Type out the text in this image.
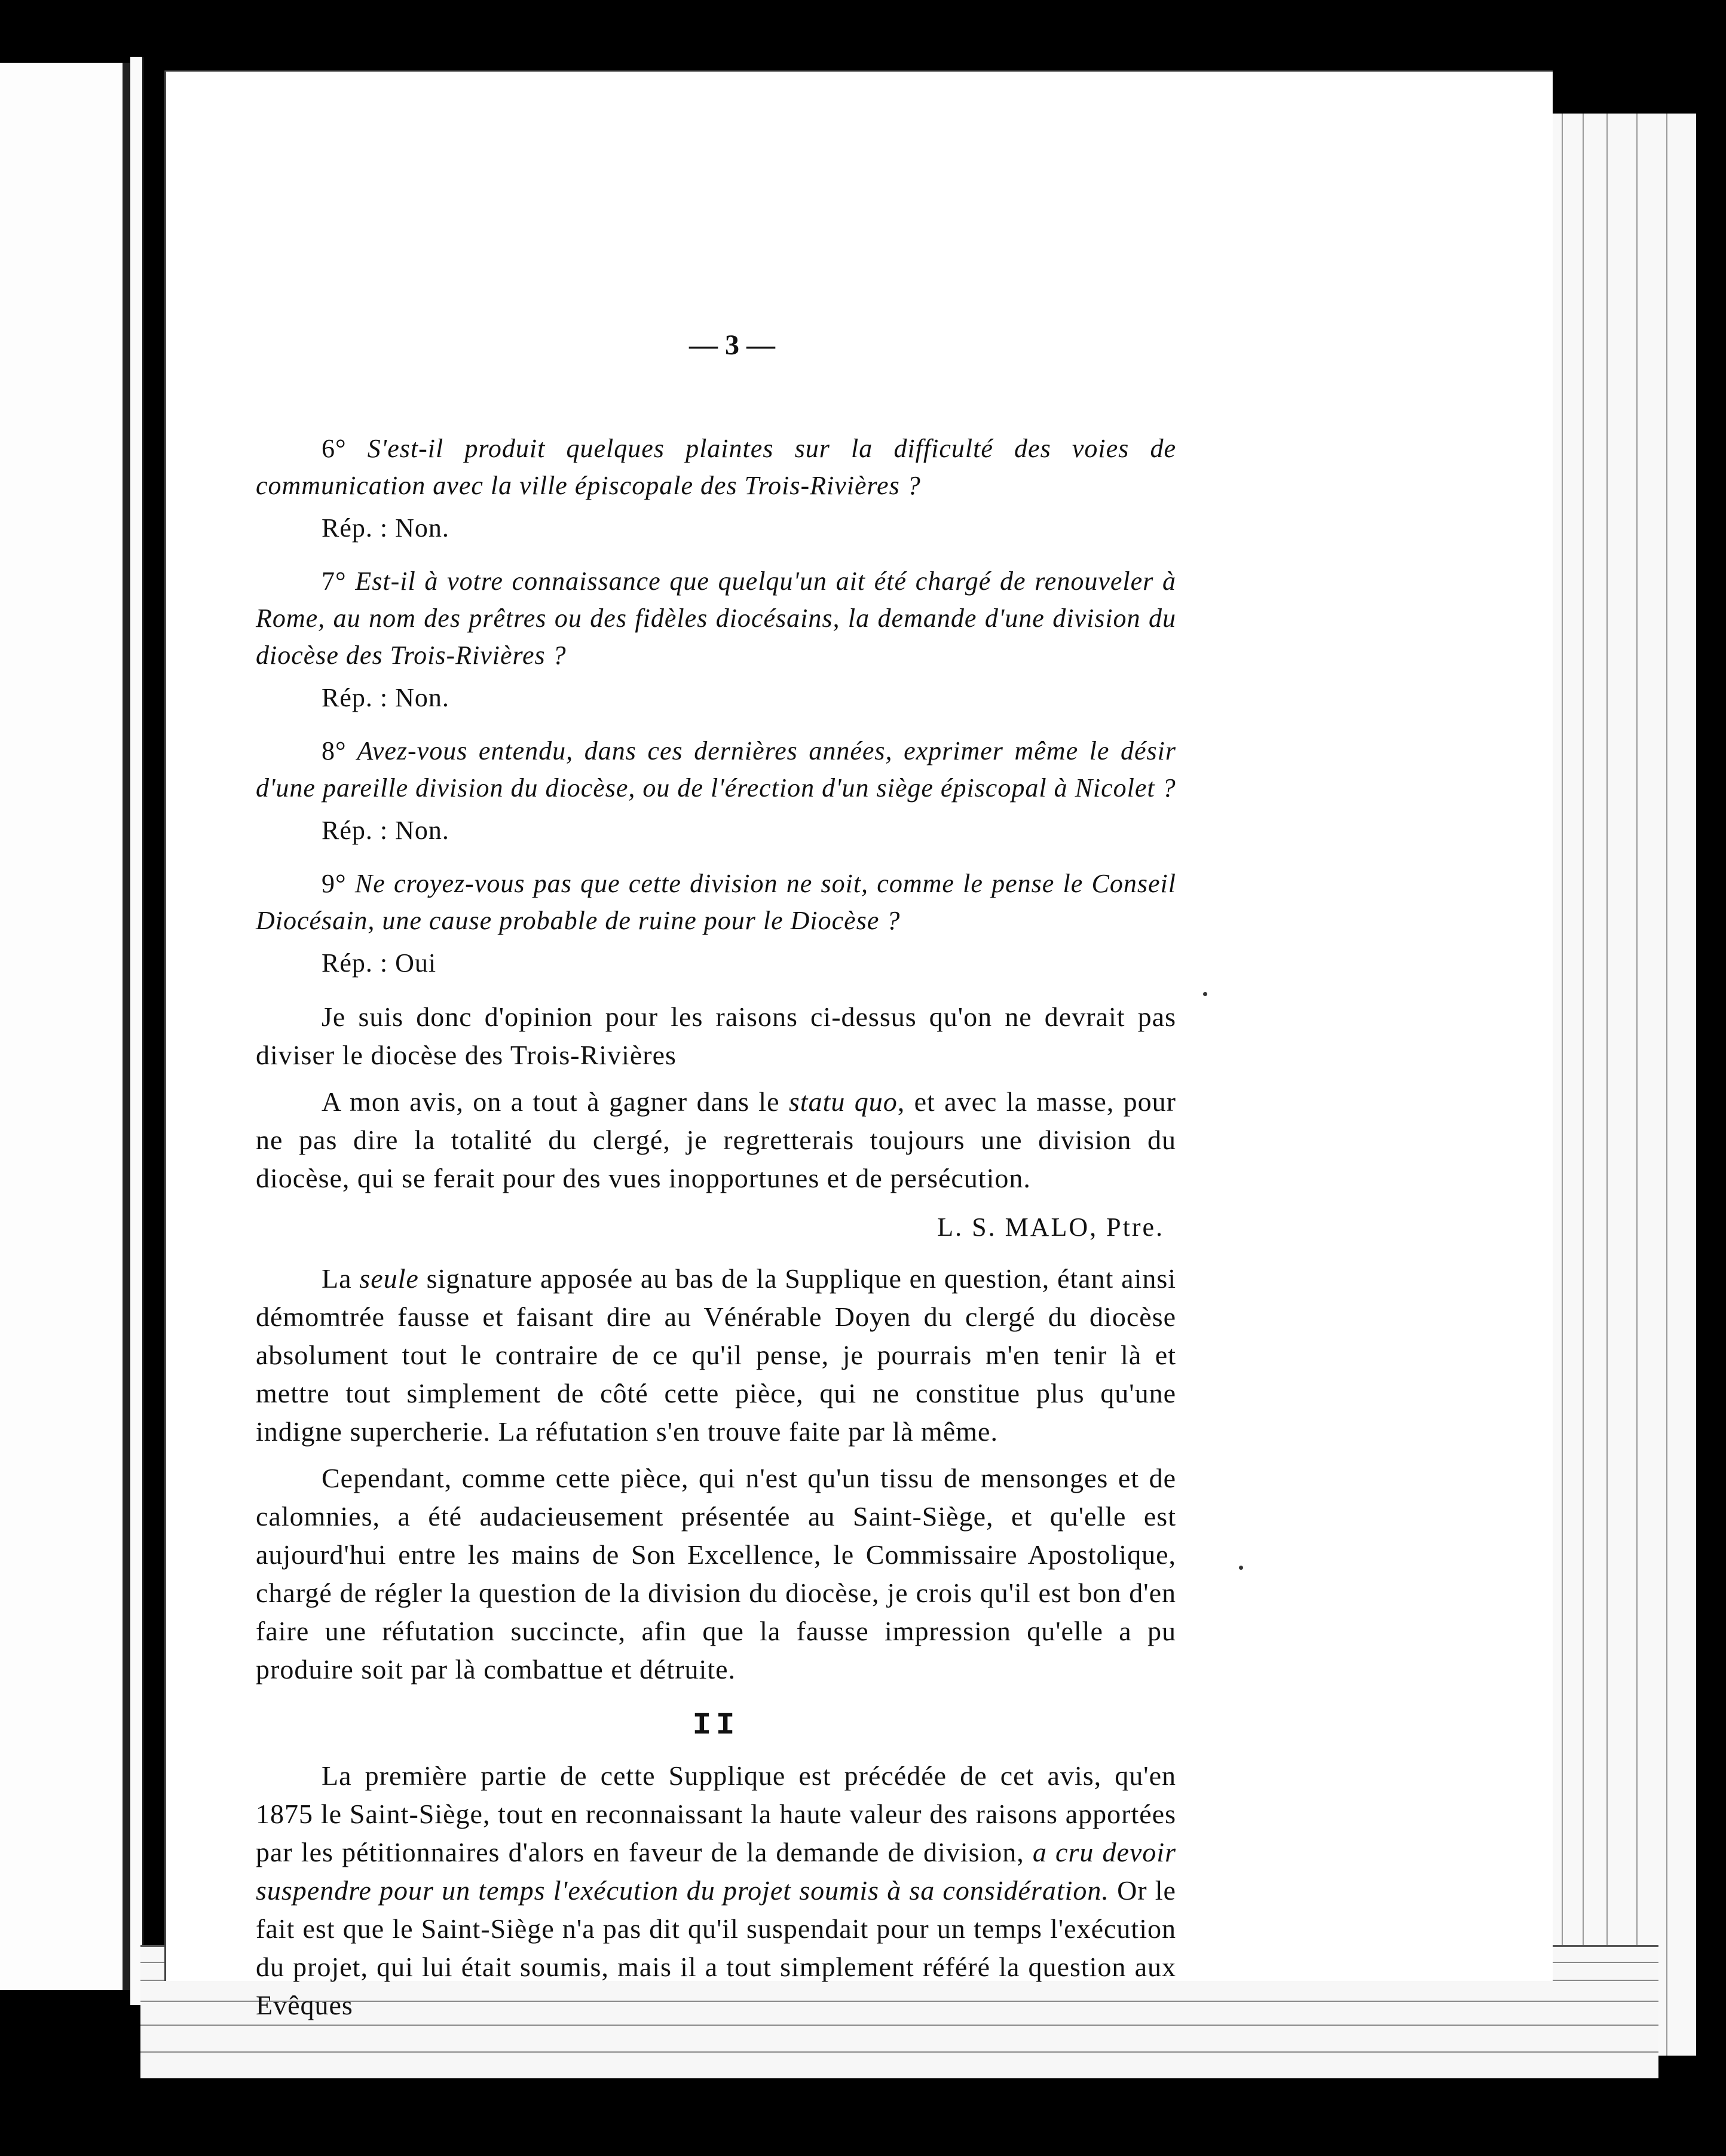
— 3 —

6° S'est-il produit quelques plaintes sur la difficulté des voies de communication avec la ville épiscopale des Trois-Rivières ?

Rép. : Non.

7° Est-il à votre connaissance que quelqu'un ait été chargé de renouveler à Rome, au nom des prêtres ou des fidèles diocésains, la demande d'une division du diocèse des Trois-Rivières ?

Rép. : Non.

8° Avez-vous entendu, dans ces dernières années, exprimer même le désir d'une pareille division du diocèse, ou de l'érection d'un siège épiscopal à Nicolet ?

Rép. : Non.

9° Ne croyez-vous pas que cette division ne soit, comme le pense le Conseil Diocésain, une cause probable de ruine pour le Diocèse ?

Rép. : Oui

Je suis donc d'opinion pour les raisons ci-dessus qu'on ne devrait pas diviser le diocèse des Trois-Rivières

A mon avis, on a tout à gagner dans le statu quo, et avec la masse, pour ne pas dire la totalité du clergé, je regretterais toujours une division du diocèse, qui se ferait pour des vues inopportunes et de persécution.

L. S. MALO, Ptre.

La seule signature apposée au bas de la Supplique en question, étant ainsi démomtrée fausse et faisant dire au Vénérable Doyen du clergé du diocèse absolument tout le contraire de ce qu'il pense, je pourrais m'en tenir là et mettre tout simplement de côté cette pièce, qui ne constitue plus qu'une indigne supercherie. La réfutation s'en trouve faite par là même.

Cependant, comme cette pièce, qui n'est qu'un tissu de mensonges et de calomnies, a été audacieusement présentée au Saint-Siège, et qu'elle est aujourd'hui entre les mains de Son Excellence, le Commissaire Apostolique, chargé de régler la question de la division du diocèse, je crois qu'il est bon d'en faire une réfutation succincte, afin que la fausse impression qu'elle a pu produire soit par là combattue et détruite.

II

La première partie de cette Supplique est précédée de cet avis, qu'en 1875 le Saint-Siège, tout en reconnaissant la haute valeur des raisons apportées par les pétitionnaires d'alors en faveur de la demande de division, a cru devoir suspendre pour un temps l'exécution du projet soumis à sa considération. Or le fait est que le Saint-Siège n'a pas dit qu'il suspendait pour un temps l'exécution du projet, qui lui était soumis, mais il a tout simplement référé la question aux Evêques
